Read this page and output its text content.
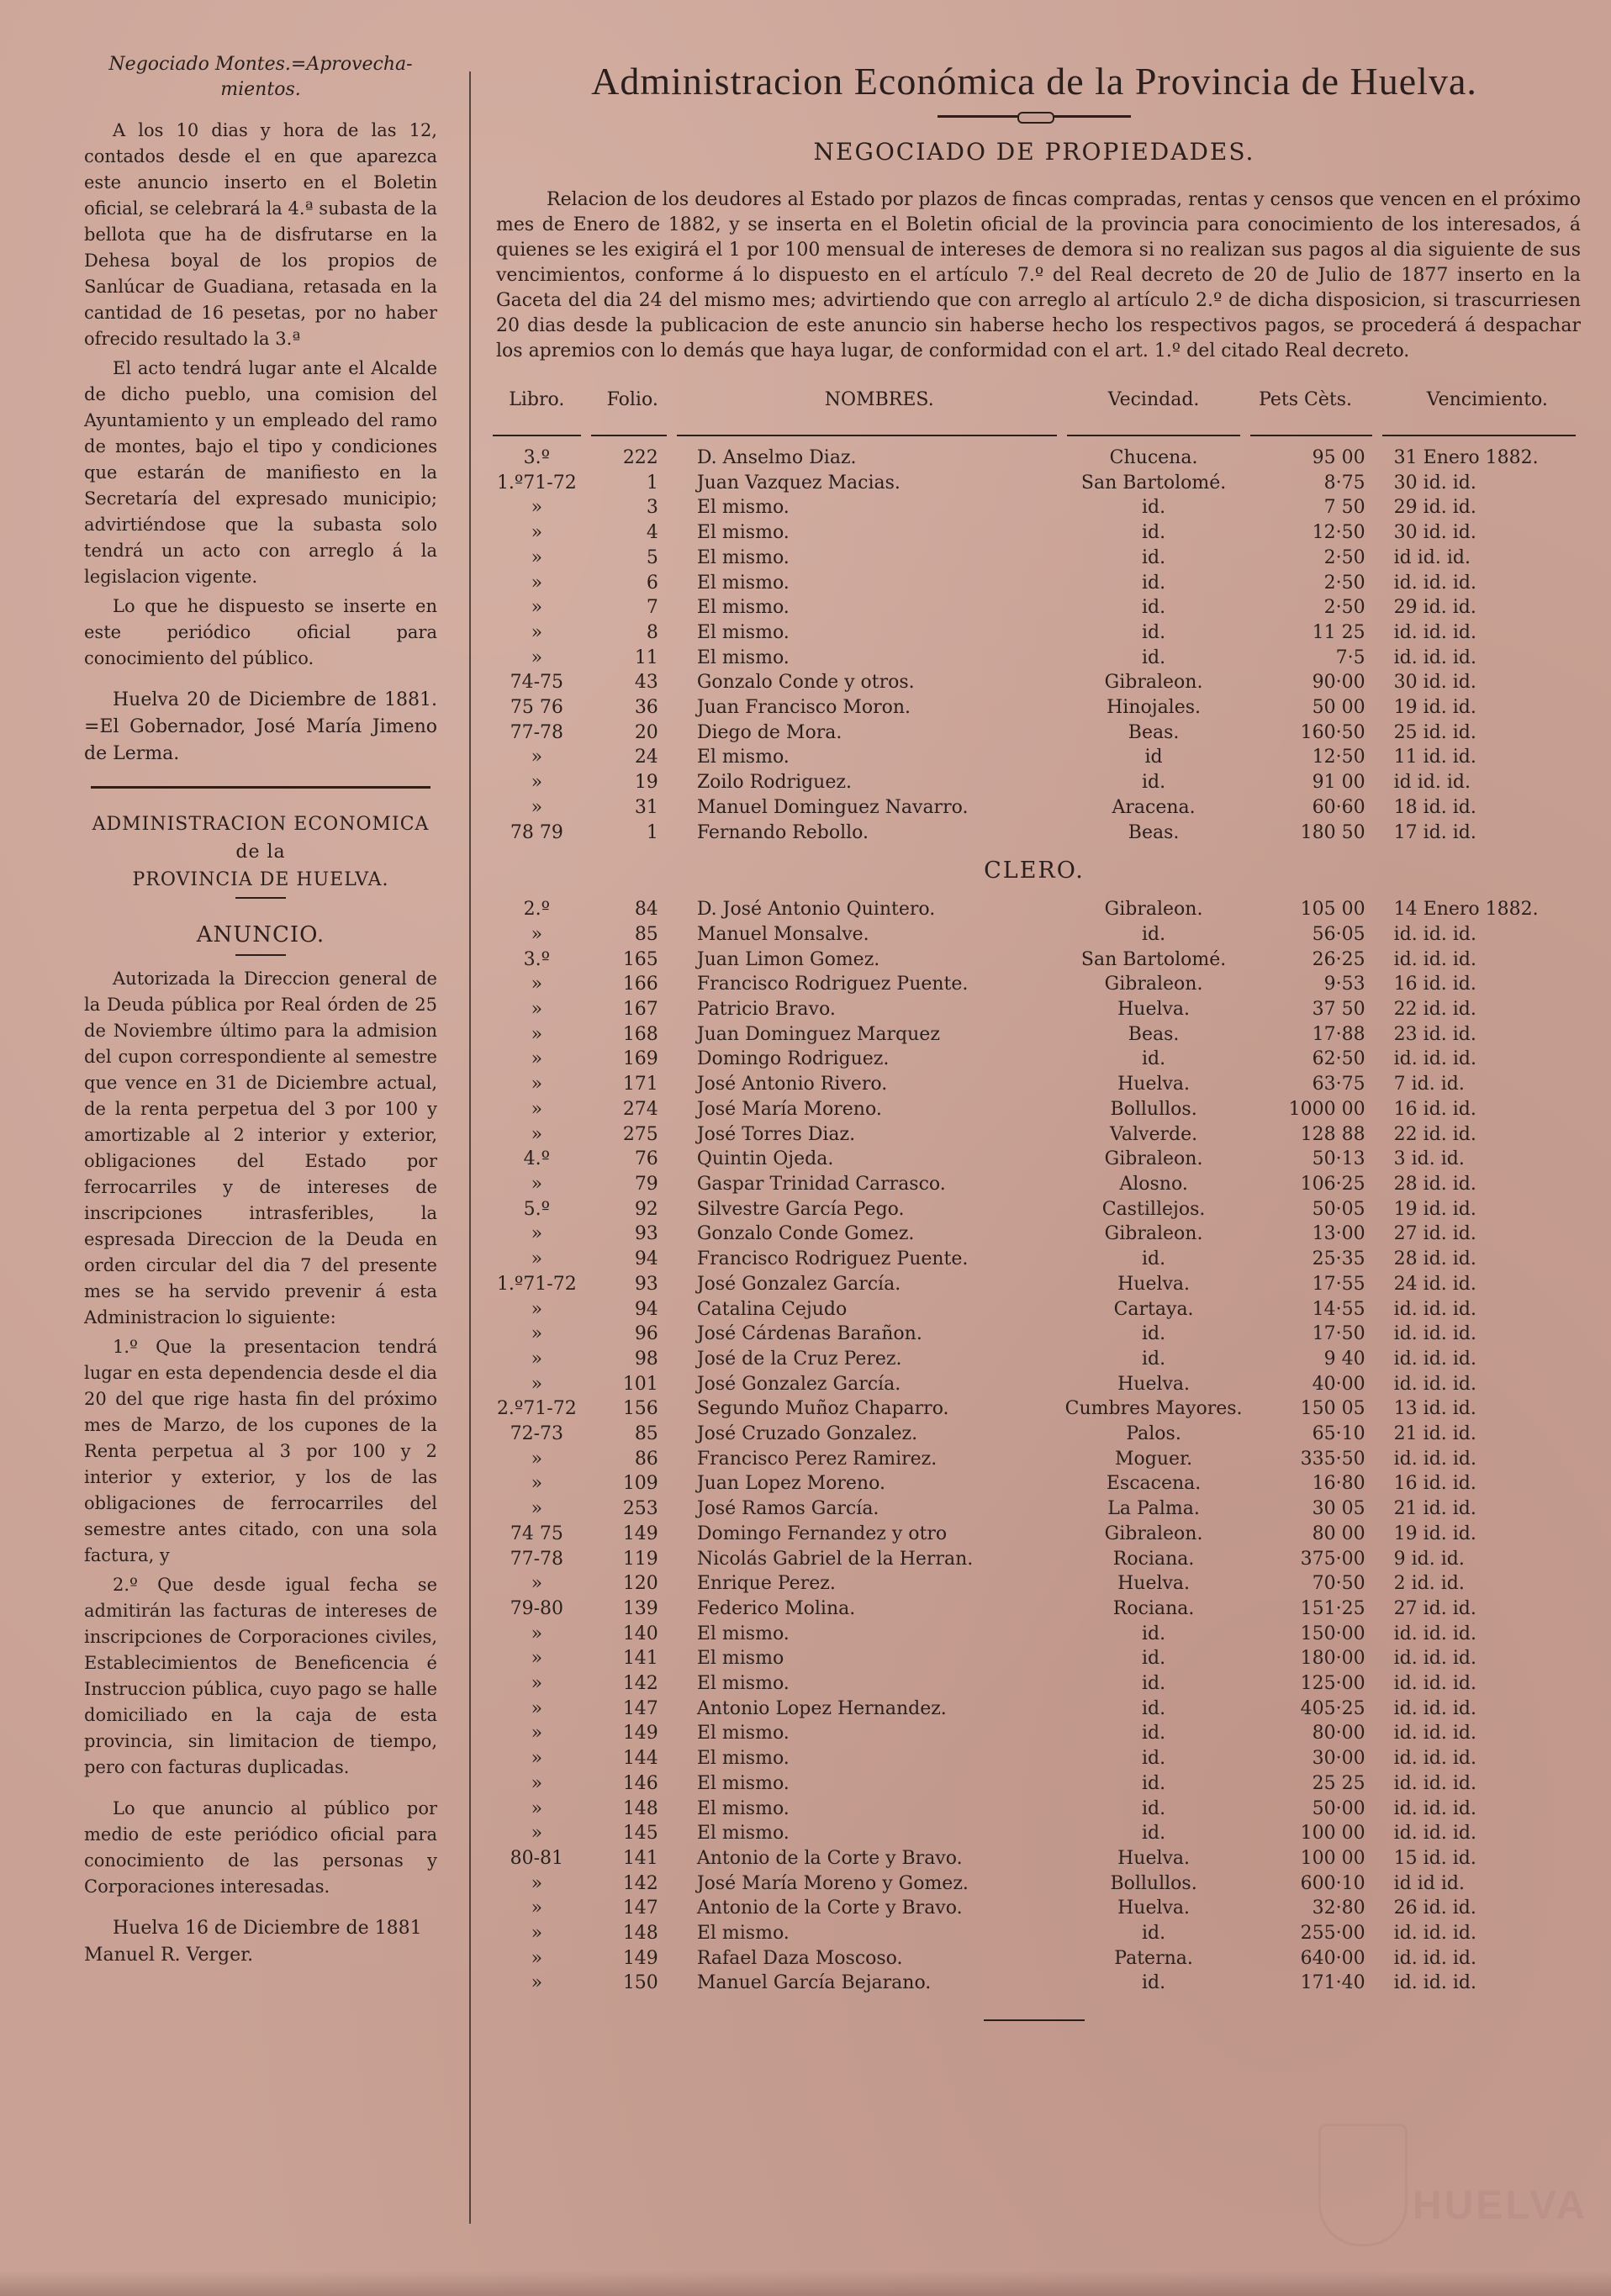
Negociado Montes.=Aprovecha-
mientos.

A los 10 dias y hora de las 12, contados desde el en que aparezca este anuncio inserto en el Boletin oficial, se celebrará la 4.ª subasta de la bellota que ha de disfrutarse en la Dehesa boyal de los propios de Sanlúcar de Guadiana, retasada en la cantidad de 16 pesetas, por no haber ofrecido resultado la 3.ª

El acto tendrá lugar ante el Alcalde de dicho pueblo, una comision del Ayuntamiento y un empleado del ramo de montes, bajo el tipo y condiciones que estarán de manifiesto en la Secretaría del expresado municipio; advirtiéndose que la subasta solo tendrá un acto con arreglo á la legislacion vigente.

Lo que he dispuesto se inserte en este periódico oficial para conocimiento del público.

Huelva 20 de Diciembre de 1881. =El Gobernador, José María Jimeno de Lerma.

ADMINISTRACION ECONOMICA
de la
PROVINCIA DE HUELVA.
ANUNCIO.

Autorizada la Direccion general de la Deuda pública por Real órden de 25 de Noviembre último para la admision del cupon correspondiente al semestre que vence en 31 de Diciembre actual, de la renta perpetua del 3 por 100 y amortizable al 2 interior y exterior, obligaciones del Estado por ferrocarriles y de intereses de inscripciones intrasferibles, la espresada Direccion de la Deuda en orden circular del dia 7 del presente mes se ha servido prevenir á esta Administracion lo siguiente:

1.º Que la presentacion tendrá lugar en esta dependencia desde el dia 20 del que rige hasta fin del próximo mes de Marzo, de los cupones de la Renta perpetua al 3 por 100 y 2 interior y exterior, y los de las obligaciones de ferrocarriles del semestre antes citado, con una sola factura, y

2.º Que desde igual fecha se admitirán las facturas de intereses de inscripciones de Corporaciones civiles, Establecimientos de Beneficencia é Instruccion pública, cuyo pago se halle domiciliado en la caja de esta provincia, sin limitacion de tiempo, pero con facturas duplicadas.

Lo que anuncio al público por medio de este periódico oficial para conocimiento de las personas y Corporaciones interesadas.

Huelva 16 de Diciembre de 1881

Manuel R. Verger.

Administracion Económica de la Provincia de Huelva.
NEGOCIADO DE PROPIEDADES.

Relacion de los deudores al Estado por plazos de fincas compradas, rentas y censos que vencen en el próximo mes de Enero de 1882, y se inserta en el Boletin oficial de la provincia para conocimiento de los interesados, á quienes se les exigirá el 1 por 100 mensual de intereses de demora si no realizan sus pagos al dia siguiente de sus vencimientos, conforme á lo dispuesto en el artículo 7.º del Real decreto de 20 de Julio de 1877 inserto en la Gaceta del dia 24 del mismo mes; advirtiendo que con arreglo al artículo 2.º de dicha disposicion, si trascurriesen 20 dias desde la publicacion de este anuncio sin haberse hecho los respectivos pagos, se procederá á despachar los apremios con lo demás que haya lugar, de conformidad con el art. 1.º del citado Real decreto.

Libro.	Folio.	NOMBRES.	Vecindad.	Pets Cèts.	Vencimiento.

3.º	222	D. Anselmo Diaz.	Chucena.	95 00	31 Enero 1882.
1.º71-72	1	Juan Vazquez Macias.	San Bartolomé.	8·75	30 id. id.
»	3	El mismo.	id.	7 50	29 id. id.
»	4	El mismo.	id.	12·50	30 id. id.
»	5	El mismo.	id.	2·50	id id. id.
»	6	El mismo.	id.	2·50	id. id. id.
»	7	El mismo.	id.	2·50	29 id. id.
»	8	El mismo.	id.	11 25	id. id. id.
»	11	El mismo.	id.	7·5	id. id. id.
74-75	43	Gonzalo Conde y otros.	Gibraleon.	90·00	30 id. id.
75 76	36	Juan Francisco Moron.	Hinojales.	50 00	19 id. id.
77-78	20	Diego de Mora.	Beas.	160·50	25 id. id.
»	24	El mismo.	id	12·50	11 id. id.
»	19	Zoilo Rodriguez.	id.	91 00	id id. id.
»	31	Manuel Dominguez Navarro.	Aracena.	60·60	18 id. id.
78 79	1	Fernando Rebollo.	Beas.	180 50	17 id. id.
CLERO.					
2.º	84	D. José Antonio Quintero.	Gibraleon.	105 00	14 Enero 1882.
»	85	Manuel Monsalve.	id.	56·05	id. id. id.
3.º	165	Juan Limon Gomez.	San Bartolomé.	26·25	id. id. id.
»	166	Francisco Rodriguez Puente.	Gibraleon.	9·53	16 id. id.
»	167	Patricio Bravo.	Huelva.	37 50	22 id. id.
»	168	Juan Dominguez Marquez	Beas.	17·88	23 id. id.
»	169	Domingo Rodriguez.	id.	62·50	id. id. id.
»	171	José Antonio Rivero.	Huelva.	63·75	7 id. id.
»	274	José María Moreno.	Bollullos.	1000 00	16 id. id.
»	275	José Torres Diaz.	Valverde.	128 88	22 id. id.
4.º	76	Quintin Ojeda.	Gibraleon.	50·13	3 id. id.
»	79	Gaspar Trinidad Carrasco.	Alosno.	106·25	28 id. id.
5.º	92	Silvestre García Pego.	Castillejos.	50·05	19 id. id.
»	93	Gonzalo Conde Gomez.	Gibraleon.	13·00	27 id. id.
»	94	Francisco Rodriguez Puente.	id.	25·35	28 id. id.
1.º71-72	93	José Gonzalez García.	Huelva.	17·55	24 id. id.
»	94	Catalina Cejudo	Cartaya.	14·55	id. id. id.
»	96	José Cárdenas Barañon.	id.	17·50	id. id. id.
»	98	José de la Cruz Perez.	id.	9 40	id. id. id.
»	101	José Gonzalez García.	Huelva.	40·00	id. id. id.
2.º71-72	156	Segundo Muñoz Chaparro.	Cumbres Mayores.	150 05	13 id. id.
72-73	85	José Cruzado Gonzalez.	Palos.	65·10	21 id. id.
»	86	Francisco Perez Ramirez.	Moguer.	335·50	id. id. id.
»	109	Juan Lopez Moreno.	Escacena.	16·80	16 id. id.
»	253	José Ramos García.	La Palma.	30 05	21 id. id.
74 75	149	Domingo Fernandez y otro	Gibraleon.	80 00	19 id. id.
77-78	119	Nicolás Gabriel de la Herran.	Rociana.	375·00	9 id. id.
»	120	Enrique Perez.	Huelva.	70·50	2 id. id.
79-80	139	Federico Molina.	Rociana.	151·25	27 id. id.
»	140	El mismo.	id.	150·00	id. id. id.
»	141	El mismo	id.	180·00	id. id. id.
»	142	El mismo.	id.	125·00	id. id. id.
»	147	Antonio Lopez Hernandez.	id.	405·25	id. id. id.
»	149	El mismo.	id.	80·00	id. id. id.
»	144	El mismo.	id.	30·00	id. id. id.
»	146	El mismo.	id.	25 25	id. id. id.
»	148	El mismo.	id.	50·00	id. id. id.
»	145	El mismo.	id.	100 00	id. id. id.
80-81	141	Antonio de la Corte y Bravo.	Huelva.	100 00	15 id. id.
»	142	José María Moreno y Gomez.	Bollullos.	600·10	id id id.
»	147	Antonio de la Corte y Bravo.	Huelva.	32·80	26 id. id.
»	148	El mismo.	id.	255·00	id. id. id.
»	149	Rafael Daza Moscoso.	Paterna.	640·00	id. id. id.
»	150	Manuel García Bejarano.	id.	171·40	id. id. id.
HUELVA
